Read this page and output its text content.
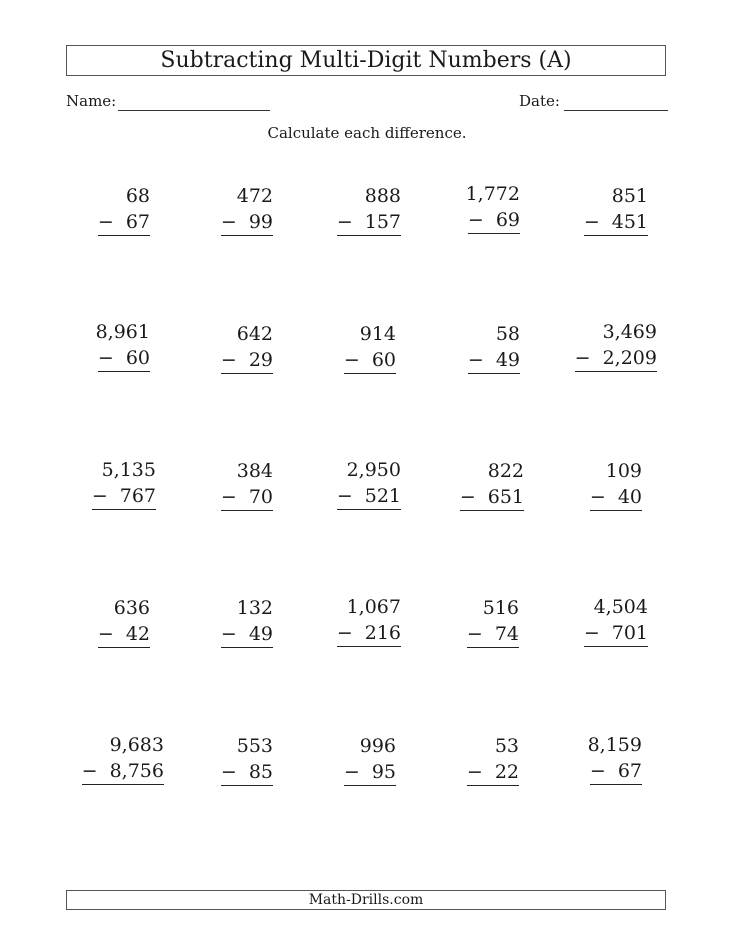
Subtracting Multi-Digit Numbers (A)
Name:	Date:
Calculate each difference.
68
− 67
472
− 99
888
− 157
1,772
− 69
851
− 451
8,961
− 60
642
− 29
914
− 60
58
− 49
3,469
− 2,209
5,135
− 767
384
− 70
2,950
− 521
822
− 651
109
− 40
636
− 42
132
− 49
1,067
− 216
516
− 74
4,504
− 701
9,683
− 8,756
553
− 85
996
− 95
53
− 22
8,159
− 67
Math-Drills.com
